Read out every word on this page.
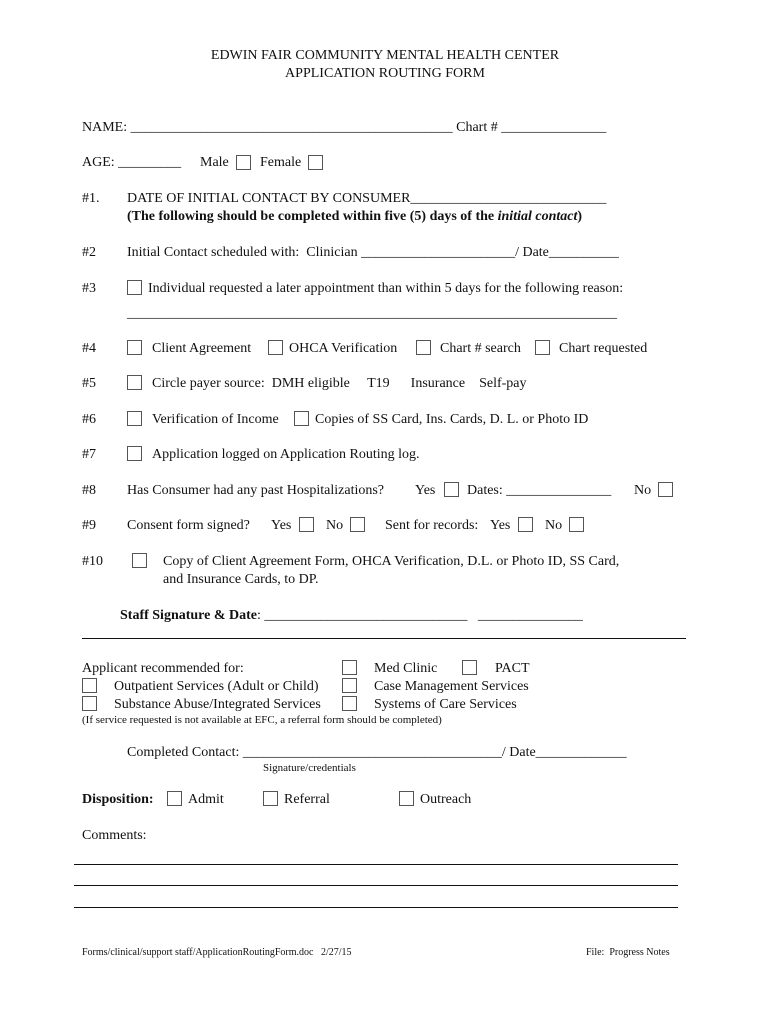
EDWIN FAIR COMMUNITY MENTAL HEALTH CENTER
APPLICATION ROUTING FORM
NAME: ______________________________________________ Chart # _______________
AGE: _________ Male Female
#1. DATE OF INITIAL CONTACT BY CONSUMER____________________________
(The following should be completed within five (5) days of the initial contact)
#2 Initial Contact scheduled with:  Clinician ______________________/ Date__________
#3	Individual requested a later appointment than within 5 days for the following reason:
______________________________________________________________________
#4	Client Agreement	OHCA Verification	Chart # search	Chart requested
#5	Circle payer source:  DMH eligible     T19      Insurance    Self-pay
#6	Verification of Income	Copies of SS Card, Ins. Cards, D. L. or Photo ID
#7	Application logged on Application Routing log.
#8 Has Consumer had any past Hospitalizations? Yes Dates: _______________ No
#9 Consent form signed? Yes No	Sent for records: Yes No
#10	Copy of Client Agreement Form, OHCA Verification, D.L. or Photo ID, SS Card,
and Insurance Cards, to DP.
Staff Signature & Date: _____________________________   _______________
Applicant recommended for:	Med Clinic	PACT
Outpatient Services (Adult or Child)	Case Management Services
Substance Abuse/Integrated Services	Systems of Care Services
(If service requested is not available at EFC, a referral form should be completed)
Completed Contact: _____________________________________/ Date_____________
Signature/credentials
Disposition: Admit	Referral	Outreach
Comments:
Forms/clinical/support staff/ApplicationRoutingForm.doc   2/27/15	File:  Progress Notes
